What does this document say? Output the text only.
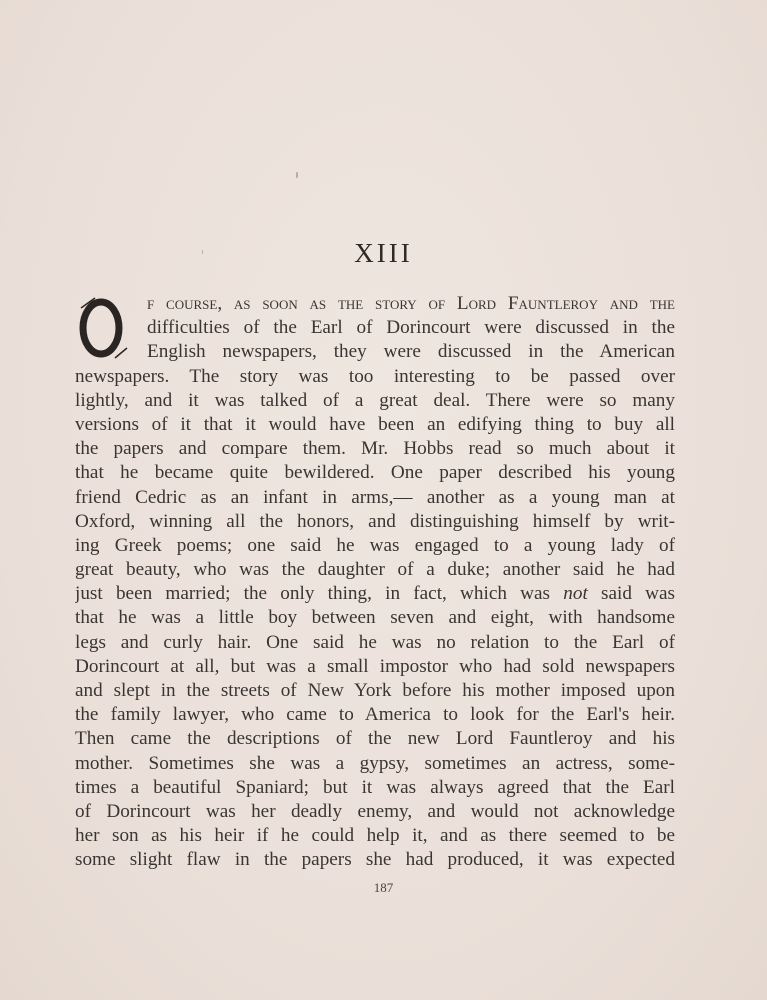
XIII
f course, as soon as the story of Lord Fauntleroy and the
difficulties of the Earl of Dorincourt were discussed in the
English newspapers, they were discussed in the American
newspapers. The story was too interesting to be passed over
lightly, and it was talked of a great deal. There were so many
versions of it that it would have been an edifying thing to buy all
the papers and compare them. Mr. Hobbs read so much about it
that he became quite bewildered. One paper described his young
friend Cedric as an infant in arms,— another as a young man at
Oxford, winning all the honors, and distinguishing himself by writ-
ing Greek poems; one said he was engaged to a young lady of
great beauty, who was the daughter of a duke; another said he had
just been married; the only thing, in fact, which was not said was
that he was a little boy between seven and eight, with handsome
legs and curly hair. One said he was no relation to the Earl of
Dorincourt at all, but was a small impostor who had sold newspapers
and slept in the streets of New York before his mother imposed upon
the family lawyer, who came to America to look for the Earl's heir.
Then came the descriptions of the new Lord Fauntleroy and his
mother. Sometimes she was a gypsy, sometimes an actress, some-
times a beautiful Spaniard; but it was always agreed that the Earl
of Dorincourt was her deadly enemy, and would not acknowledge
her son as his heir if he could help it, and as there seemed to be
some slight flaw in the papers she had produced, it was expected
187
